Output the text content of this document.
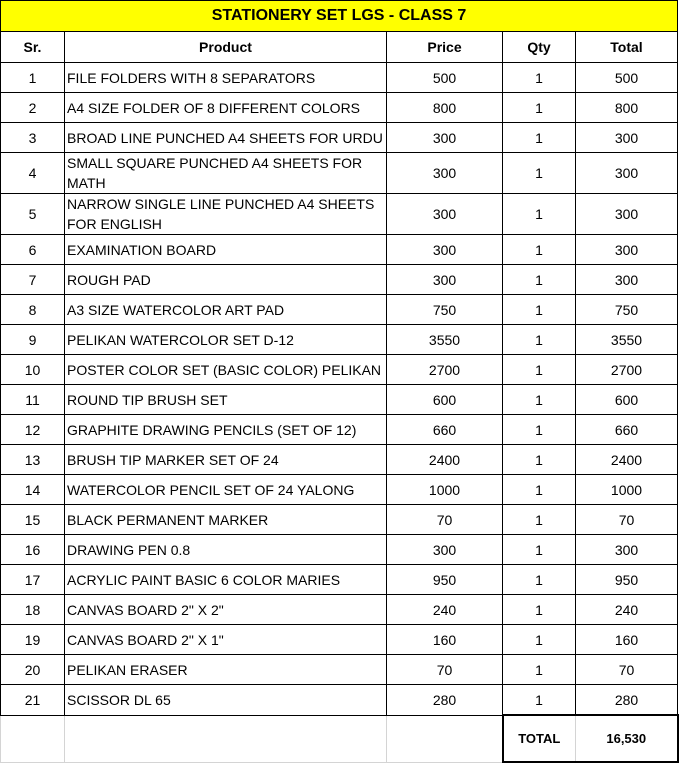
STATIONERY SET LGS - CLASS 7				
Sr.	Product	Price	Qty	Total
1	FILE FOLDERS WITH 8 SEPARATORS	500	1	500
2	A4 SIZE FOLDER OF 8 DIFFERENT COLORS	800	1	800
3	BROAD LINE PUNCHED A4 SHEETS FOR URDU	300	1	300
4	SMALL SQUARE PUNCHED A4 SHEETS FOR MATH	300	1	300
5	NARROW SINGLE LINE PUNCHED A4 SHEETS FOR ENGLISH	300	1	300
6	EXAMINATION BOARD	300	1	300
7	ROUGH PAD	300	1	300
8	A3 SIZE WATERCOLOR ART PAD	750	1	750
9	PELIKAN WATERCOLOR SET D-12	3550	1	3550
10	POSTER COLOR SET (BASIC COLOR) PELIKAN	2700	1	2700
11	ROUND TIP BRUSH SET	600	1	600
12	GRAPHITE DRAWING PENCILS (SET OF 12)	660	1	660
13	BRUSH TIP MARKER SET OF 24	2400	1	2400
14	WATERCOLOR PENCIL SET OF 24 YALONG	1000	1	1000
15	BLACK PERMANENT MARKER	70	1	70
16	DRAWING PEN 0.8	300	1	300
17	ACRYLIC PAINT BASIC 6 COLOR MARIES	950	1	950
18	CANVAS BOARD 2" X 2"	240	1	240
19	CANVAS BOARD 2" X 1"	160	1	160
20	PELIKAN ERASER	70	1	70
21	SCISSOR DL 65	280	1	280
			TOTAL	16,530
